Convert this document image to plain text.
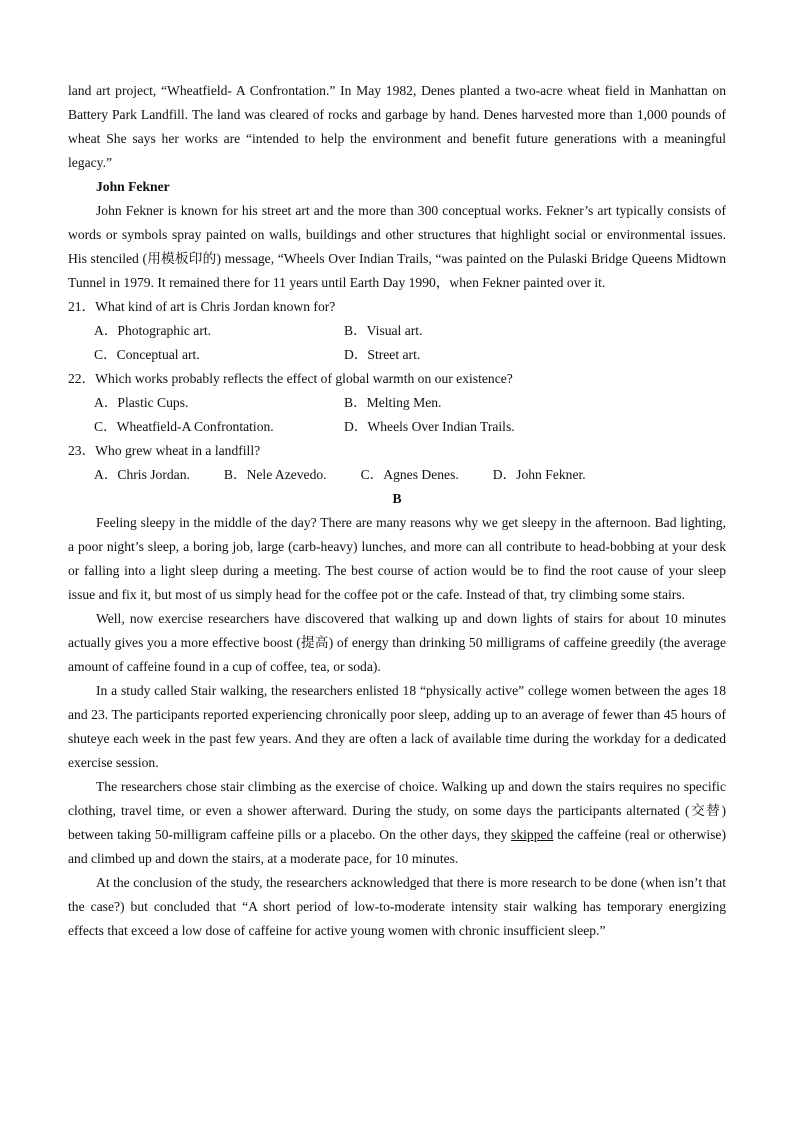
land art project, “Wheatfield- A Confrontation.” In May 1982, Denes planted a two-acre wheat field in Manhattan on Battery Park Landfill. The land was cleared of rocks and garbage by hand. Denes harvested more than 1,000 pounds of wheat She says her works are “intended to help the environment and benefit future generations with a meaningful legacy.”

John Fekner

John Fekner is known for his street art and the more than 300 conceptual works. Fekner’s art typically consists of words or symbols spray painted on walls, buildings and other structures that highlight social or environmental issues. His stenciled (用模板印的) message, “Wheels Over Indian Trails, “was painted on the Pulaski Bridge Queens Midtown Tunnel in 1979. It remained there for 11 years until Earth Day 1990，when Fekner painted over it.

21．What kind of art is Chris Jordan known for?

A．Photographic art.	B．Visual art.
C．Conceptual art.	D．Street art.

22．Which works probably reflects the effect of global warmth on our existence?

A．Plastic Cups.	B．Melting Men.
C．Wheatfield-A Confrontation.	D．Wheels Over Indian Trails.

23．Who grew wheat in a landfill?

A．Chris Jordan.	B．Nele Azevedo.	C．Agnes Denes.	D．John Fekner.

B

Feeling sleepy in the middle of the day? There are many reasons why we get sleepy in the afternoon. Bad lighting, a poor night’s sleep, a boring job, large (carb-heavy) lunches, and more can all contribute to head-bobbing at your desk or falling into a light sleep during a meeting. The best course of action would be to find the root cause of your sleep issue and fix it, but most of us simply head for the coffee pot or the cafe. Instead of that, try climbing some stairs.

Well, now exercise researchers have discovered that walking up and down lights of stairs for about 10 minutes actually gives you a more effective boost (提高) of energy than drinking 50 milligrams of caffeine greedily (the average amount of caffeine found in a cup of coffee, tea, or soda).

In a study called Stair walking, the researchers enlisted 18 “physically active” college women between the ages 18 and 23. The participants reported experiencing chronically poor sleep, adding up to an average of fewer than 45 hours of shuteye each week in the past few years. And they are often a lack of available time during the workday for a dedicated exercise session.

The researchers chose stair climbing as the exercise of choice. Walking up and down the stairs requires no specific clothing, travel time, or even a shower afterward. During the study, on some days the participants alternated (交替) between taking 50-milligram caffeine pills or a placebo. On the other days, they skipped the caffeine (real or otherwise) and climbed up and down the stairs, at a moderate pace, for 10 minutes.

At the conclusion of the study, the researchers acknowledged that there is more research to be done (when isn’t that the case?) but concluded that “A short period of low-to-moderate intensity stair walking has temporary energizing effects that exceed a low dose of caffeine for active young women with chronic insufficient sleep.”
